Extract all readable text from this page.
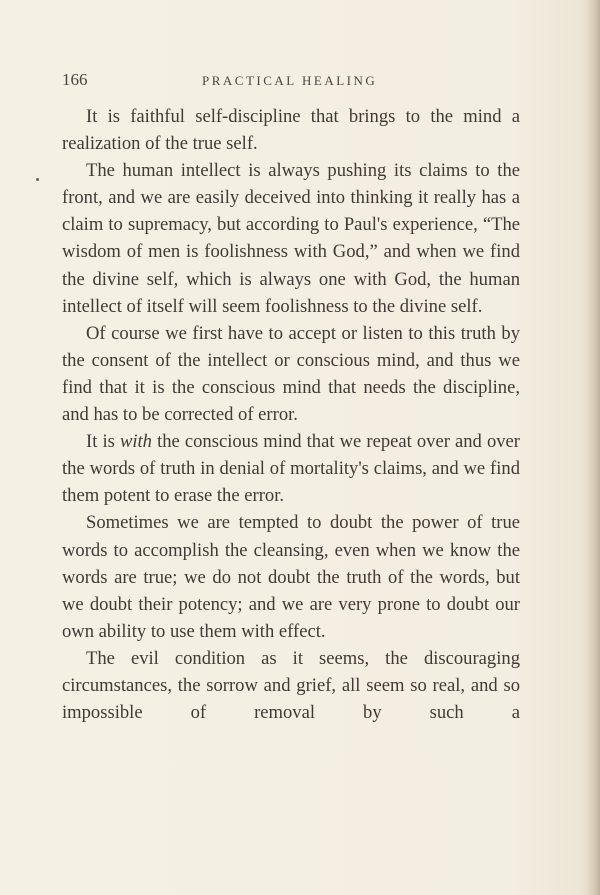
166	PRACTICAL HEALING

It is faithful self-discipline that brings to the mind a realization of the true self.

The human intellect is always pushing its claims to the front, and we are easily deceived into thinking it really has a claim to supremacy, but according to Paul's experience, “The wisdom of men is foolishness with God,” and when we find the divine self, which is always one with God, the human intellect of itself will seem foolishness to the divine self.

Of course we first have to accept or listen to this truth by the consent of the intellect or conscious mind, and thus we find that it is the conscious mind that needs the discipline, and has to be corrected of error.

It is with the conscious mind that we repeat over and over the words of truth in denial of mortality's claims, and we find them potent to erase the error.

Sometimes we are tempted to doubt the power of true words to accomplish the cleansing, even when we know the words are true; we do not doubt the truth of the words, but we doubt their potency; and we are very prone to doubt our own ability to use them with effect.

The evil condition as it seems, the discouraging circumstances, the sorrow and grief, all seem so real, and so impossible of removal by such a
